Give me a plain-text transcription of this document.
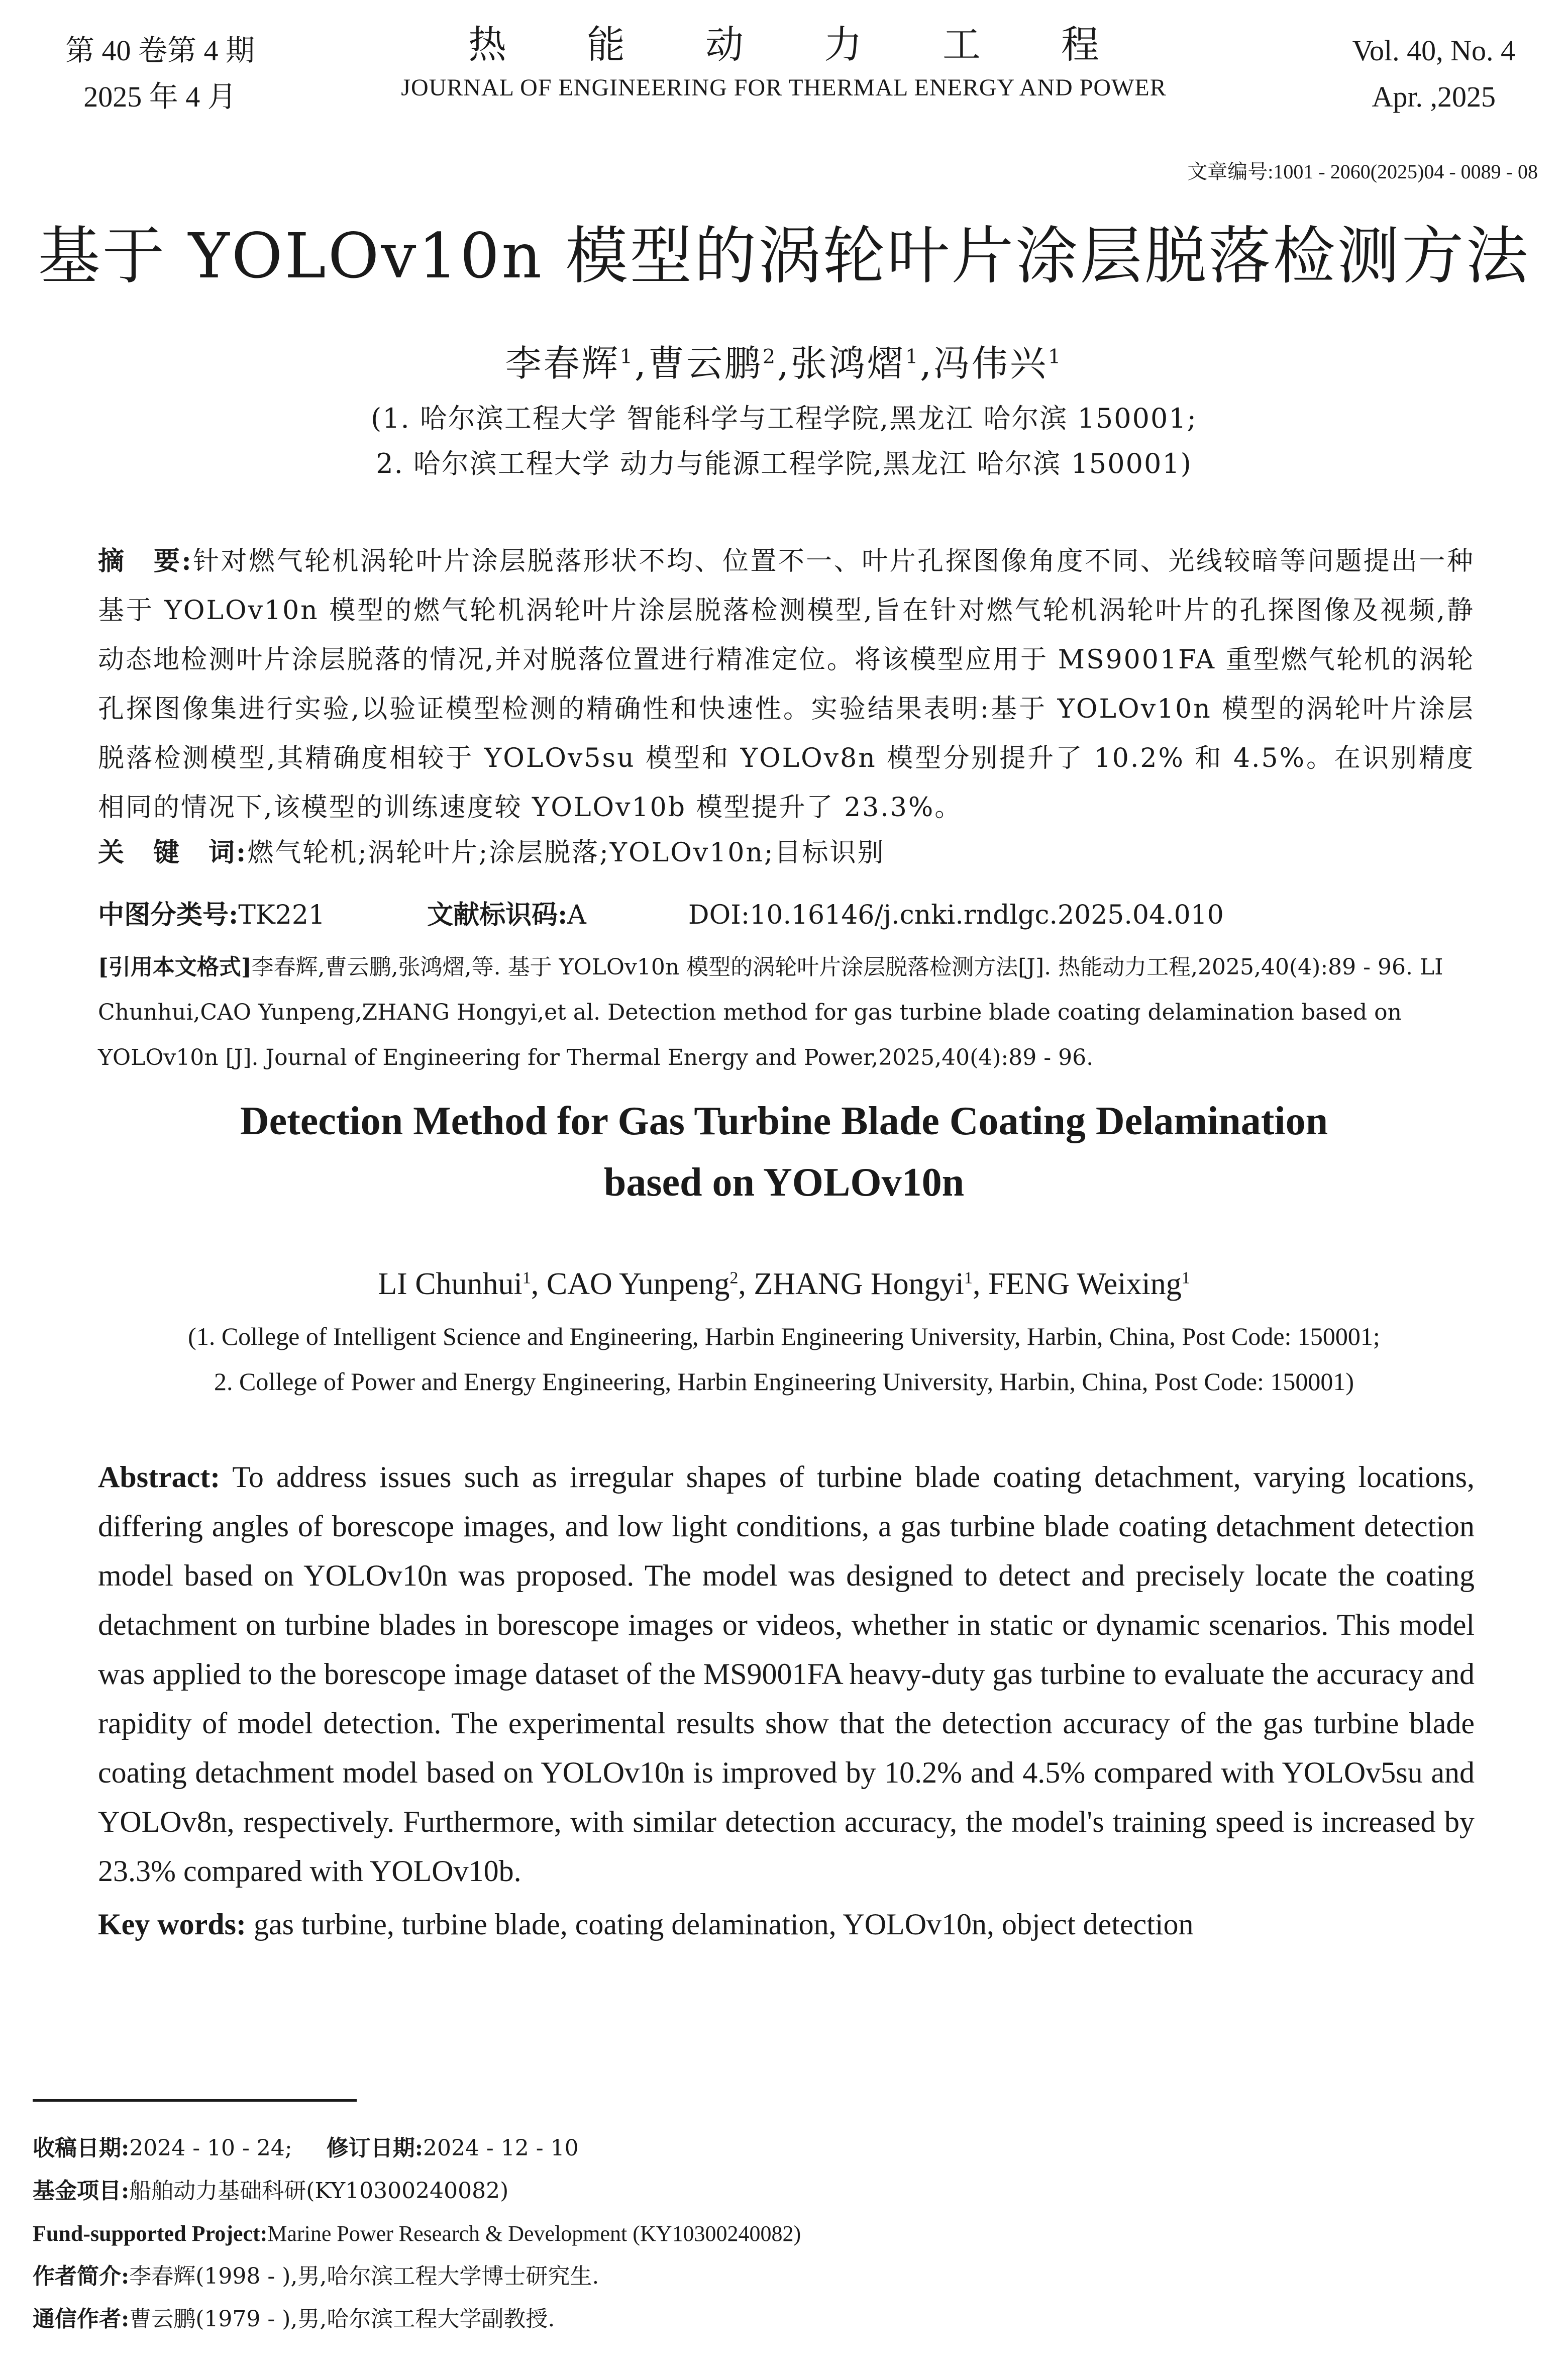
第 40 卷第 4 期
2025 年 4 月
热能动力工程
JOURNAL OF ENGINEERING FOR THERMAL ENERGY AND POWER
Vol. 40, No. 4
Apr. ,2025
文章编号:1001 - 2060(2025)04 - 0089 - 08
基于 YOLOv10n 模型的涡轮叶片涂层脱落检测方法
李春辉$^1$,曹云鹏$^2$,张鸿熠$^1$,冯伟兴$^1$
(1. 哈尔滨工程大学 智能科学与工程学院,黑龙江 哈尔滨 150001;
2. 哈尔滨工程大学 动力与能源工程学院,黑龙江 哈尔滨 150001)
摘　要:针对燃气轮机涡轮叶片涂层脱落形状不均、位置不一、叶片孔探图像角度不同、光线较暗等问题提出一种基于 YOLOv10n 模型的燃气轮机涡轮叶片涂层脱落检测模型,旨在针对燃气轮机涡轮叶片的孔探图像及视频,静动态地检测叶片涂层脱落的情况,并对脱落位置进行精准定位。将该模型应用于 MS9001FA 重型燃气轮机的涡轮孔探图像集进行实验,以验证模型检测的精确性和快速性。实验结果表明:基于 YOLOv10n 模型的涡轮叶片涂层脱落检测模型,其精确度相较于 YOLOv5su 模型和 YOLOv8n 模型分别提升了 10.2% 和 4.5%。在识别精度相同的情况下,该模型的训练速度较 YOLOv10b 模型提升了 23.3%。
关　键　词:燃气轮机;涡轮叶片;涂层脱落;YOLOv10n;目标识别
中图分类号:TK221	文献标识码:A	DOI:10.16146/j.cnki.rndlgc.2025.04.010
[引用本文格式]李春辉,曹云鹏,张鸿熠,等. 基于 YOLOv10n 模型的涡轮叶片涂层脱落检测方法[J]. 热能动力工程,2025,40(4):89 - 96. LI Chunhui,CAO Yunpeng,ZHANG Hongyi,et al. Detection method for gas turbine blade coating delamination based on YOLOv10n [J]. Journal of Engineering for Thermal Energy and Power,2025,40(4):89 - 96.
Detection Method for Gas Turbine Blade Coating Delamination
based on YOLOv10n
LI Chunhui$^1$, CAO Yunpeng$^2$, ZHANG Hongyi$^1$, FENG Weixing$^1$
(1. College of Intelligent Science and Engineering, Harbin Engineering University, Harbin, China, Post Code: 150001;
2. College of Power and Energy Engineering, Harbin Engineering University, Harbin, China, Post Code: 150001)
Abstract: To address issues such as irregular shapes of turbine blade coating detachment, varying locations, differing angles of borescope images, and low light conditions, a gas turbine blade coating detachment detection model based on YOLOv10n was proposed. The model was designed to detect and precisely locate the coating detachment on turbine blades in borescope images or videos, whether in static or dynamic scenarios. This model was applied to the borescope image dataset of the MS9001FA heavy-duty gas turbine to evaluate the accuracy and rapidity of model detection. The experimental results show that the detection accuracy of the gas turbine blade coating detachment model based on YOLOv10n is improved by 10.2% and 4.5% compared with YOLOv5su and YOLOv8n, respectively. Furthermore, with similar detection accuracy, the model's training speed is increased by 23.3% compared with YOLOv10b.
Key words: gas turbine, turbine blade, coating delamination, YOLOv10n, object detection
收稿日期:2024 - 10 - 24; 修订日期:2024 - 12 - 10
基金项目:船舶动力基础科研(KY10300240082)
Fund-supported Project:Marine Power Research & Development (KY10300240082)
作者简介:李春辉(1998 - ),男,哈尔滨工程大学博士研究生.
通信作者:曹云鹏(1979 - ),男,哈尔滨工程大学副教授.
